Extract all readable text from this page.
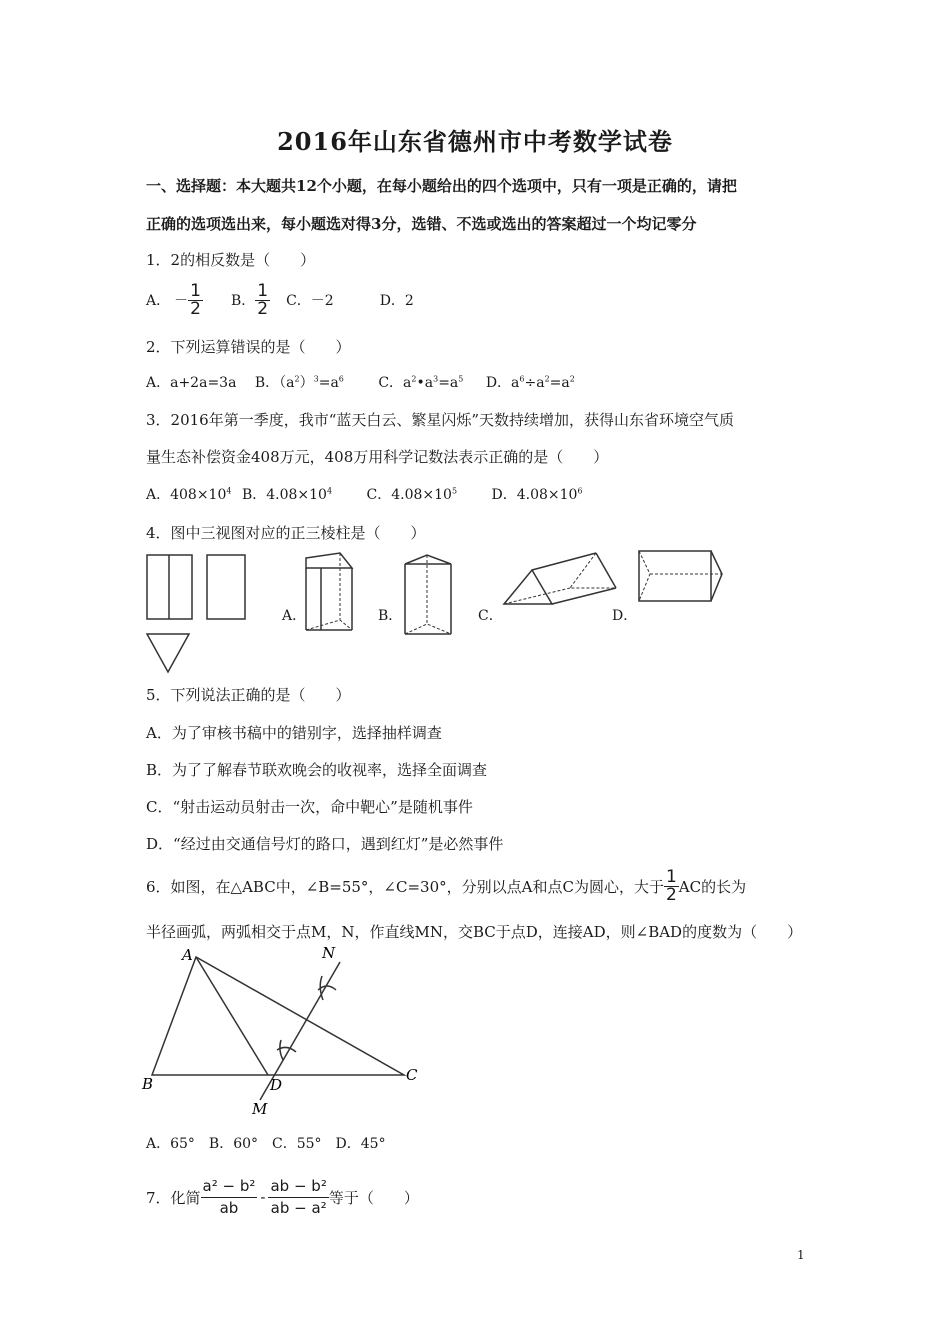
2016年山东省德州市中考数学试卷
一、选择题：本大题共12个小题，在每小题给出的四个选项中，只有一项是正确的，请把
正确的选项选出来，每小题选对得3分，选错、不选或选出的答案超过一个均记零分
1．2的相反数是（　　）
A． － $\frac{1}{2}$ B． $\frac{1}{2}$ C．－2	D．2
2．下列运算错误的是（　　）
A．a+2a=3a B．$(a^2)^3=a^6$ C．$a^2•a^3=a^5$ D．$a^6\div a^2=a^2$
3．2016年第一季度，我市“蓝天白云、繁星闪烁”天数持续增加，获得山东省环境空气质
量生态补偿资金408万元，408万用科学记数法表示正确的是（　　）
A．$408\times 10^4$ B．$4.08\times 10^4$ C．$4.08\times 10^5$ D．$4.08\times 10^6$
4．图中三视图对应的正三棱柱是（　　）
A．	B．	C．	D．
5．下列说法正确的是（　　）
A．为了审核书稿中的错别字，选择抽样调查
B．为了了解春节联欢晚会的收视率，选择全面调查
C．“射击运动员射击一次，命中靶心”是随机事件
D．“经过由交通信号灯的路口，遇到红灯”是必然事件
6．如图，在△ABC中，∠B=55°，∠C=30°，分别以点A和点C为圆心，大于 $\frac{1}{2}$ AC的长为
半径画弧，两弧相交于点M，N，作直线MN，交BC于点D，连接AD，则∠BAD的度数为（　　）
A
B	C
D
M
N
A．65°　B．60°　C．55°　D．45°
7．化简 $\frac{\text{a² − b²}}{ab} - \frac{\text{ab − b²}}{\text{ab − a²}}$ 等于（　　）
1
